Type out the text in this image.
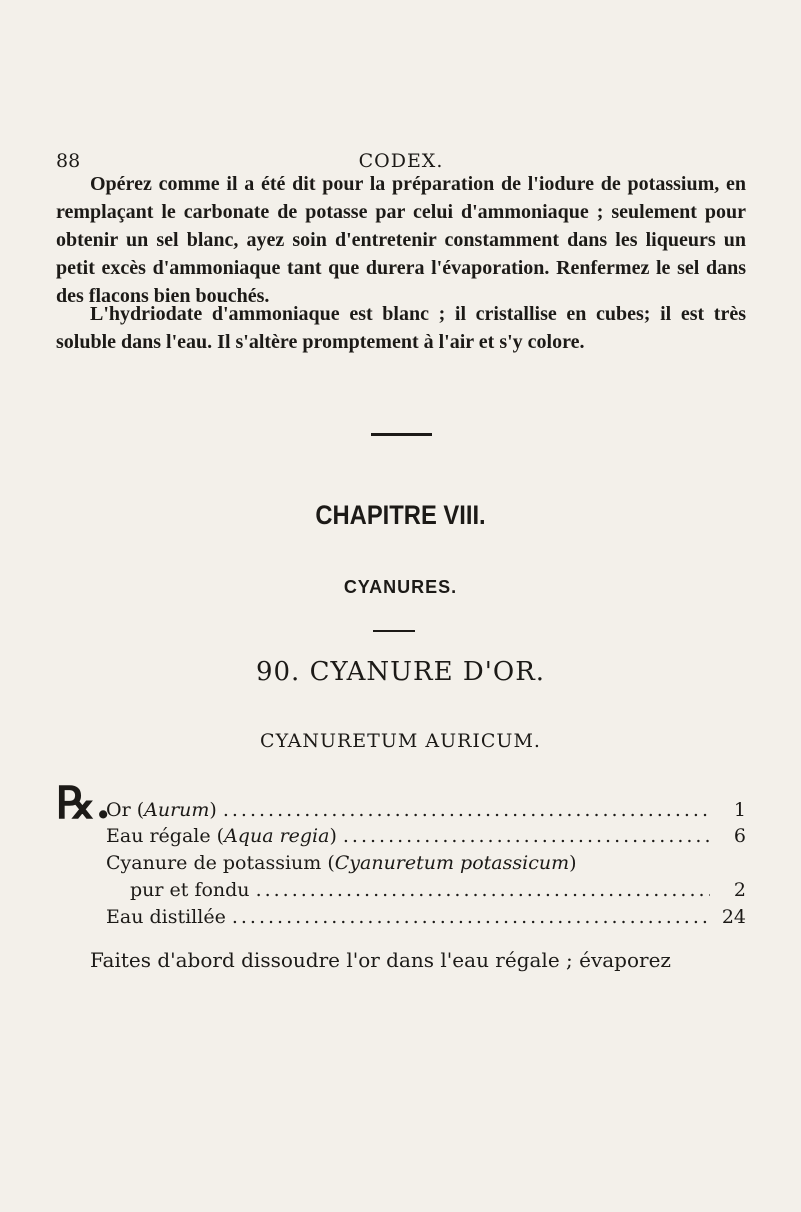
88	CODEX.

Opérez comme il a été dit pour la préparation de l'iodure de potassium, en remplaçant le carbonate de potasse par celui d'ammoniaque ; seulement pour obtenir un sel blanc, ayez soin d'entretenir constamment dans les liqueurs un petit excès d'ammoniaque tant que durera l'évaporation. Renfermez le sel dans des flacons bien bouchés.

L'hydriodate d'ammoniaque est blanc ; il cristallise en cubes; il est très soluble dans l'eau. Il s'altère promptement à l'air et s'y colore.

CHAPITRE VIII.
CYANURES.
90. CYANURE D'OR.
CYANURETUM AURICUM.
℞.
Or (Aurum) .....	1
Eau régale (Aqua regia) .....	6
Cyanure de potassium (Cyanuretum potassicum)
pur et fondu .....	2
Eau distillée .....	24

Faites d'abord dissoudre l'or dans l'eau régale ; évaporez
